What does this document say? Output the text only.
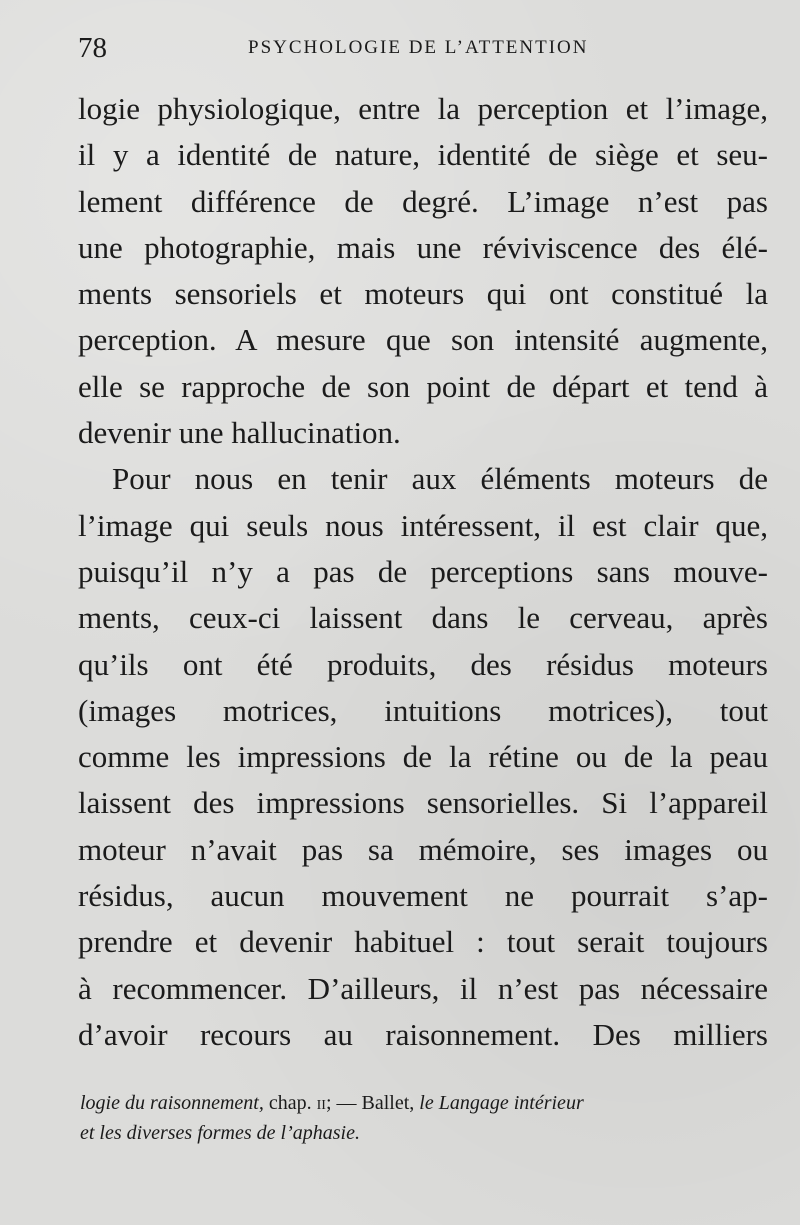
78	PSYCHOLOGIE DE L’ATTENTION
logie physiologique, entre la perception et l’image,
il y a identité de nature, identité de siège et seu-
lement différence de degré. L’image n’est pas
une photographie, mais une réviviscence des élé-
ments sensoriels et moteurs qui ont constitué la
perception. A mesure que son intensité augmente,
elle se rapproche de son point de départ et tend à
devenir une hallucination.
Pour nous en tenir aux éléments moteurs de
l’image qui seuls nous intéressent, il est clair que,
puisqu’il n’y a pas de perceptions sans mouve-
ments, ceux-ci laissent dans le cerveau, après
qu’ils ont été produits, des résidus moteurs
(images motrices, intuitions motrices), tout
comme les impressions de la rétine ou de la peau
laissent des impressions sensorielles. Si l’appareil
moteur n’avait pas sa mémoire, ses images ou
résidus, aucun mouvement ne pourrait s’ap-
prendre et devenir habituel : tout serait toujours
à recommencer. D’ailleurs, il n’est pas nécessaire
d’avoir recours au raisonnement. Des milliers
logie du raisonnement, chap. ii; — Ballet, le Langage intérieur
et les diverses formes de l’aphasie.
